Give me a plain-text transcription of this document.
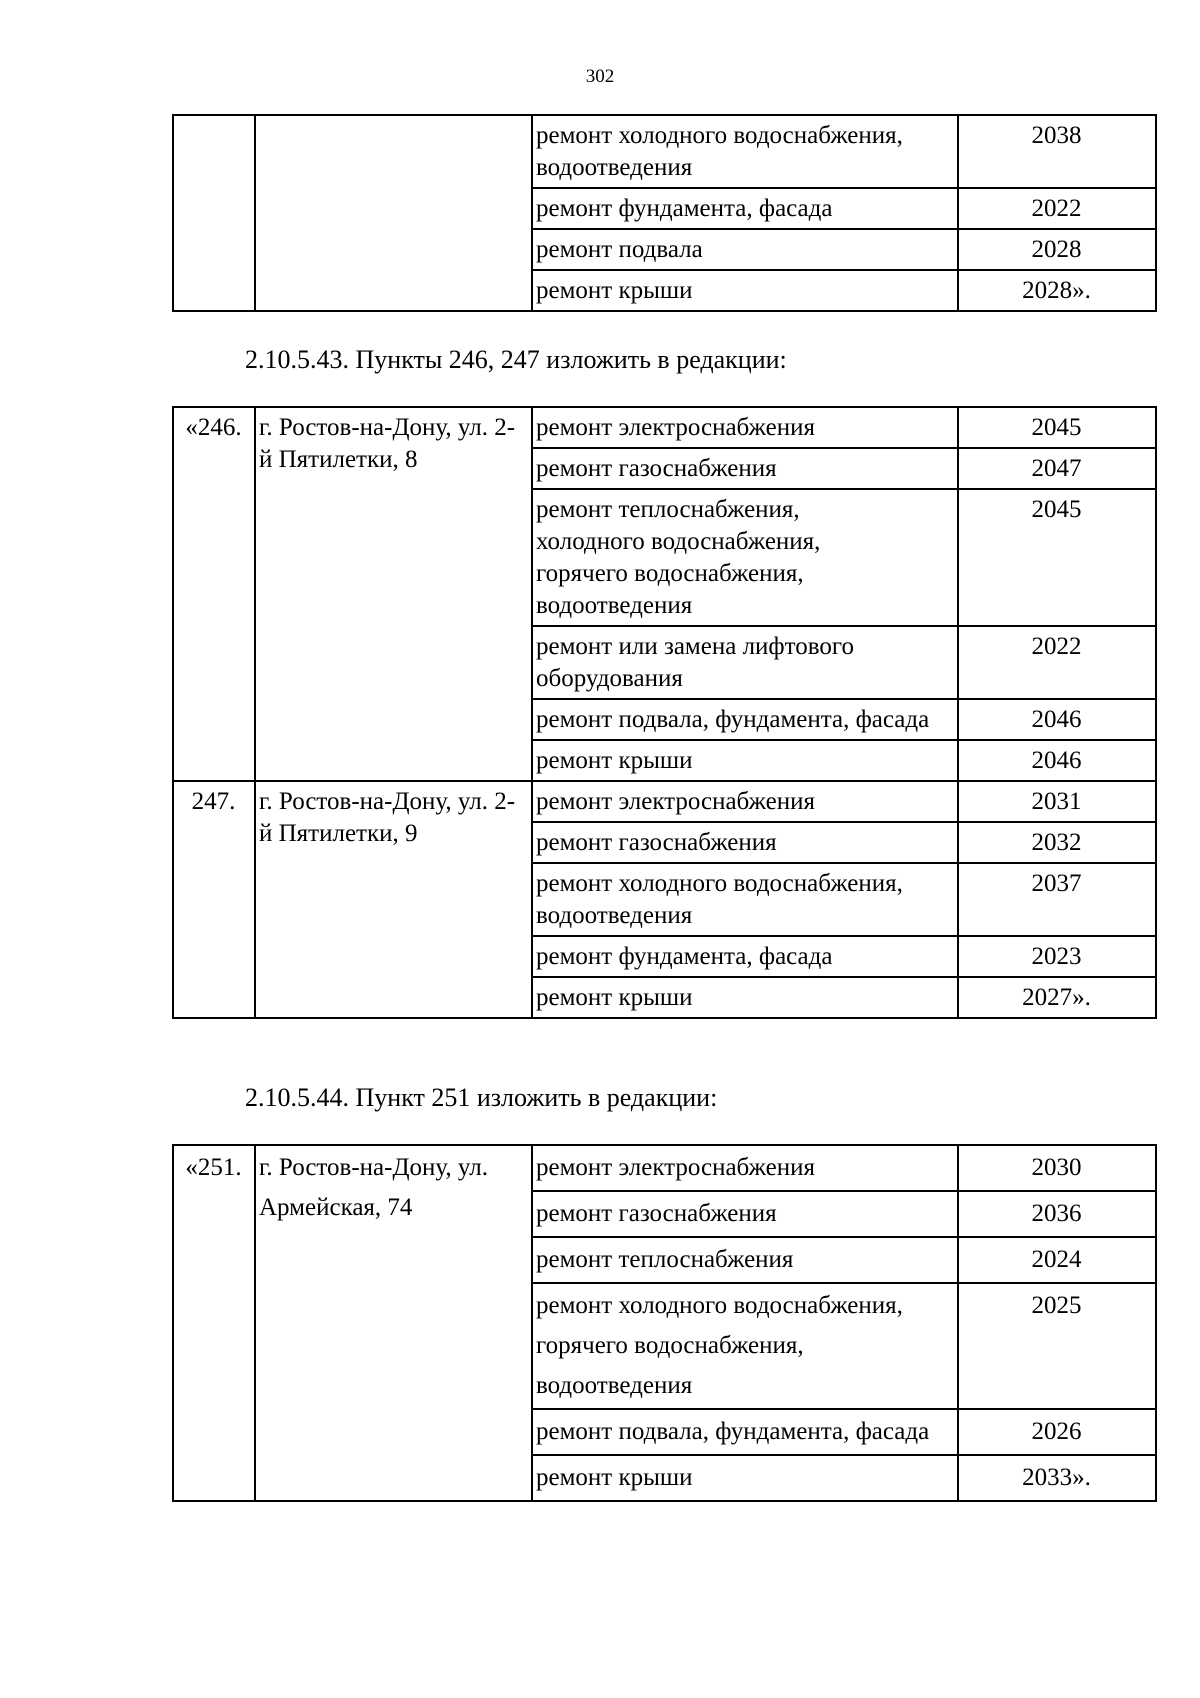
302

		ремонт холодного водоснабжения, водоотведения	2038
		ремонт фундамента, фасада	2022
		ремонт подвала	2028
		ремонт крыши	2028».
2.10.5.43. Пункты 246, 247 изложить в редакции:
«246.	г. Ростов-на-Дону, ул. 2-й Пятилетки, 8	ремонт электроснабжения	2045
		ремонт газоснабжения	2047

		ремонт теплоснабжения, холодного водоснабжения, горячего водоснабжения, водоотведения	2045
		ремонт или замена лифтового оборудования	2022
		ремонт подвала, фундамента, фасада	2046
		ремонт крыши	2046
247.	г. Ростов-на-Дону, ул. 2-й Пятилетки, 9	ремонт электроснабжения	2031
		ремонт газоснабжения	2032

		ремонт холодного водоснабжения, водоотведения	2037
		ремонт фундамента, фасада	2023
		ремонт крыши	2027».
2.10.5.44. Пункт 251 изложить в редакции:
«251.	г. Ростов-на-Дону, ул. Армейская, 74	ремонт электроснабжения	2030
		ремонт газоснабжения	2036
		ремонт теплоснабжения	2024

		ремонт холодного водоснабжения, горячего водоснабжения, водоотведения	2025
		ремонт подвала, фундамента, фасада	2026
		ремонт крыши	2033».
